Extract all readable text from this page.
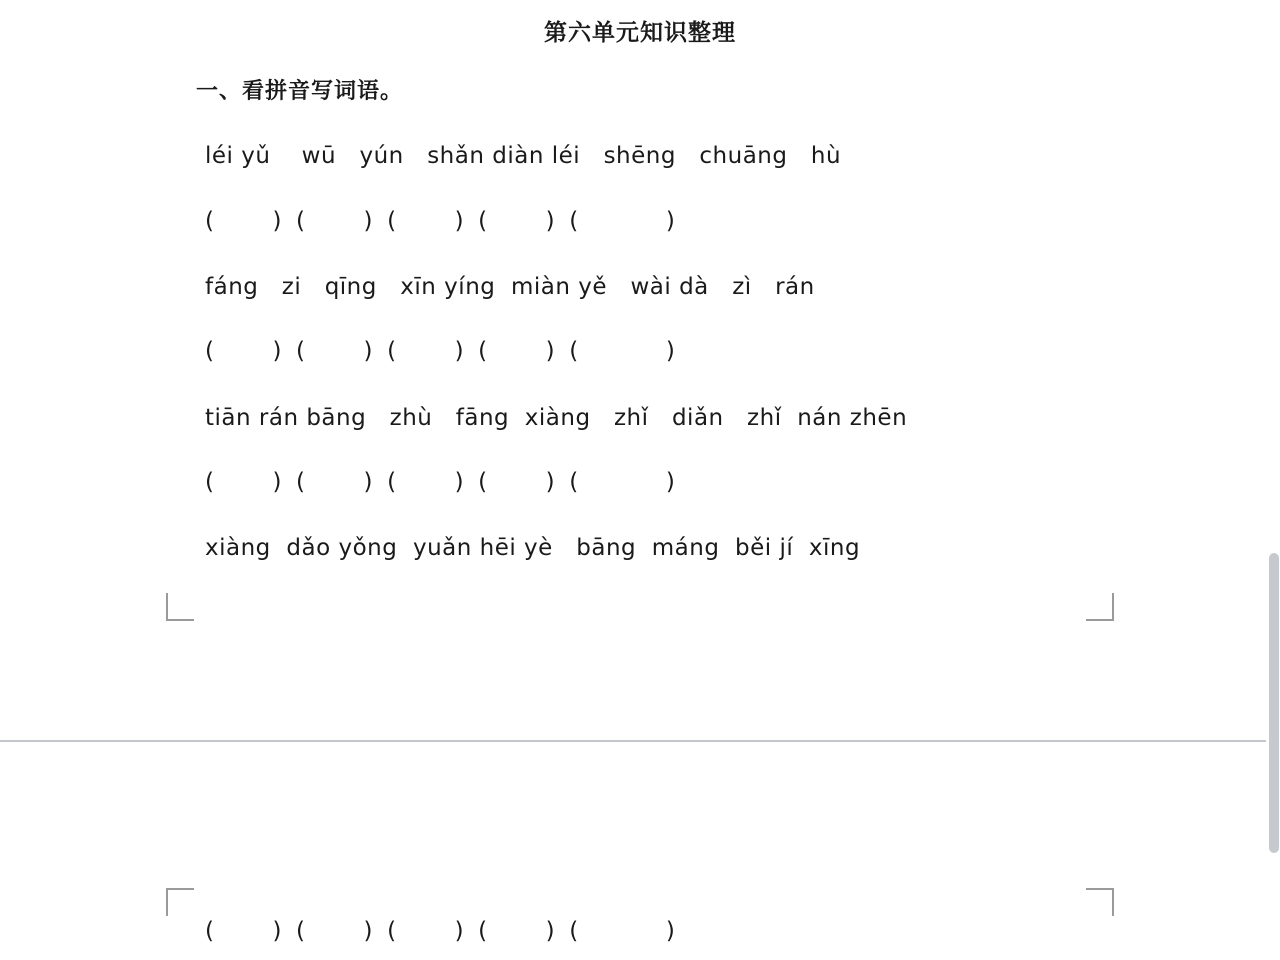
第六单元知识整理
一、看拼音写词语。
léi yǔ    wū   yún   shǎn diàn léi   shēng   chuāng   hù
(        )  (        )  (        )  (        )  (            )
fáng   zi   qīng   xīn yíng  miàn yě   wài dà   zì   rán
(        )  (        )  (        )  (        )  (            )
tiān rán bāng   zhù   fāng  xiàng   zhǐ   diǎn   zhǐ  nán zhēn
(        )  (        )  (        )  (        )  (            )
xiàng  dǎo yǒng  yuǎn hēi yè   bāng  máng  běi jí  xīng
(        )  (        )  (        )  (        )  (            )
